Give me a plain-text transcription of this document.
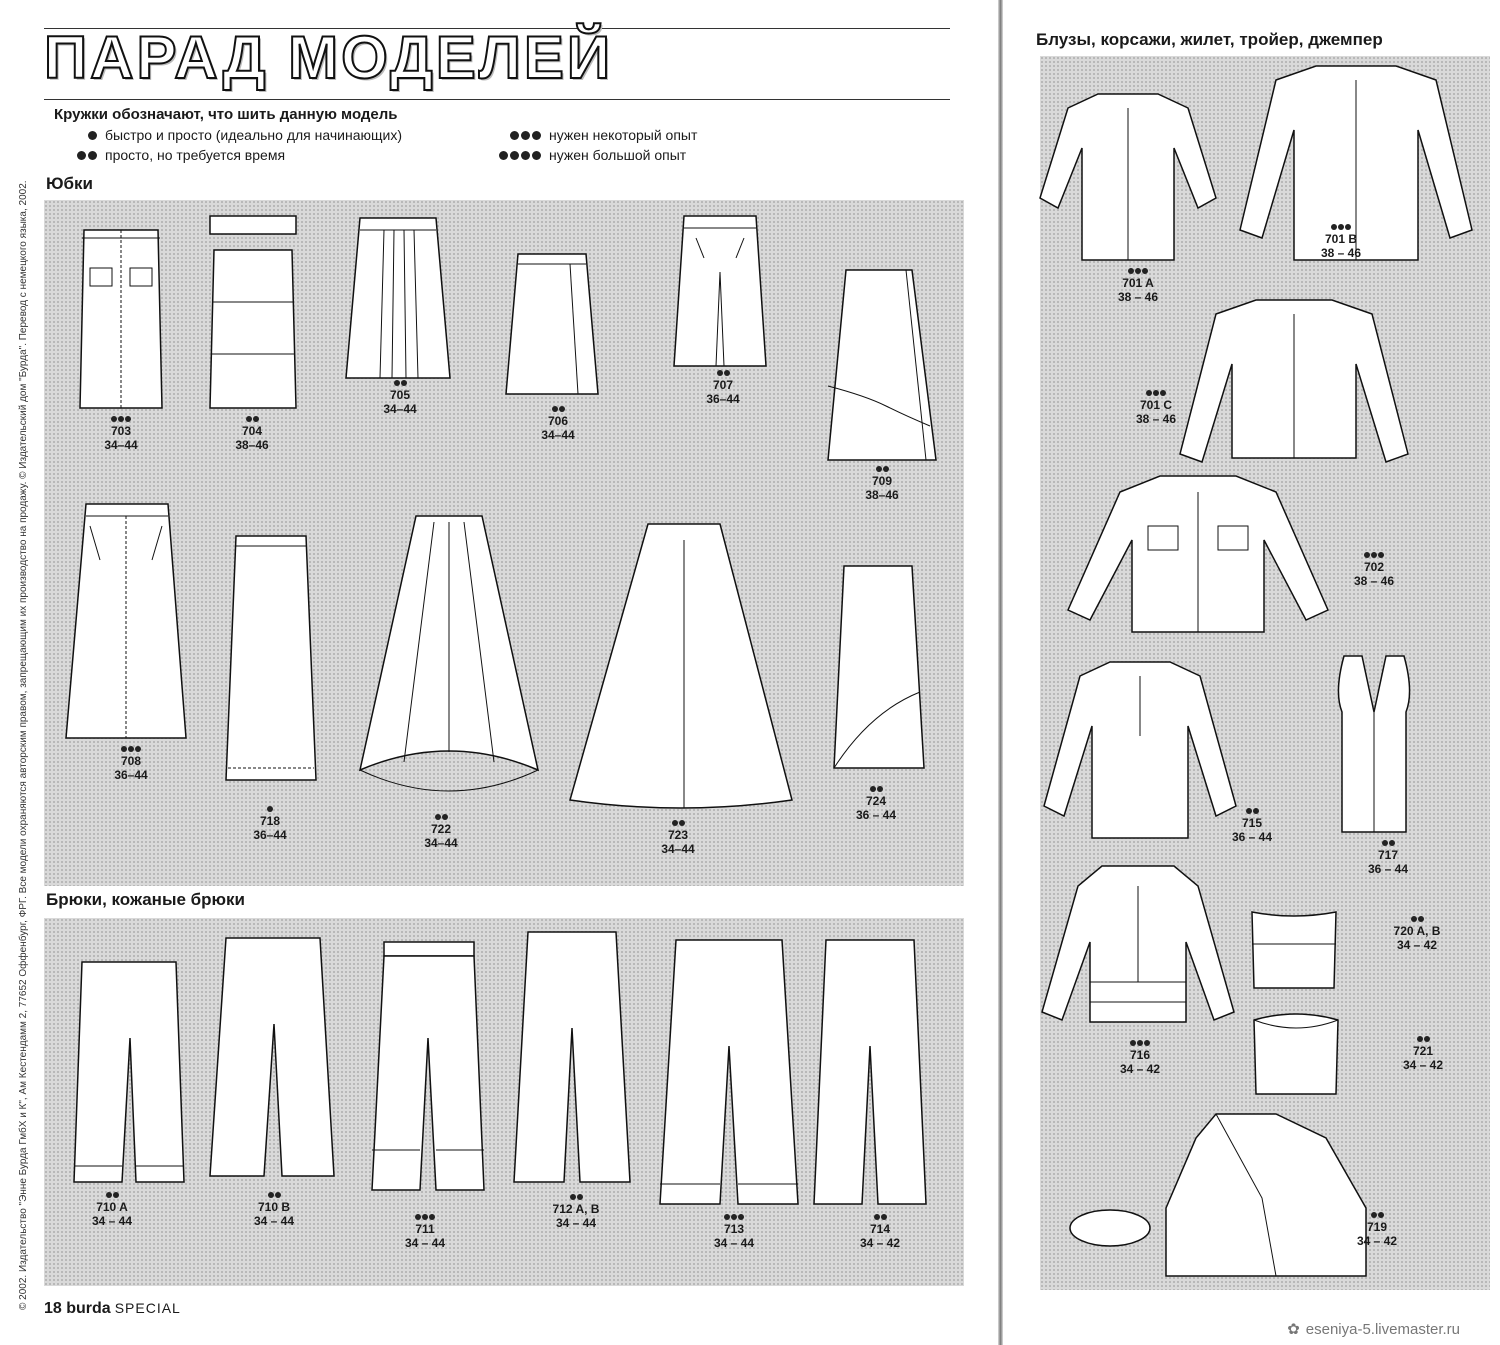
ПАРАД МОДЕЛЕЙ
Кружки обозначают, что шить данную модель
быстро и просто (идеально для начинающих)
просто, но требуется время
нужен некоторый опыт
нужен большой опыт
Юбки
Брюки, кожаные брюки
© 2002. Издательство "Энне Бурда ГмбХ и К", Ам Кестендамм 2, 77652 Оффенбург, ФРГ. Все модели охраняются авторским правом, запрещающим их производство на продажу. © Издательский дом "Бурда". Перевод с немецкого языка, 2002. 18 burda SPECIAL
Блузы, корсажи, жилет, тройер, джемпер
✿ eseniya-5.livemaster.ru
703
34–44
704
38–46
705
34–44
706
34–44
707
36–44
709
38–46
708
36–44
718
36–44	722
34–44
723
34–44
724
36 – 44
710 A
34 – 44
710 B
34 – 44
711
34 – 44
712 A, B
34 – 44	713
34 – 44
714
34 – 42
701 A
38 – 46
701 B
38 – 46
701 C
38 – 46
702
38 – 46
715
36 – 44
717
36 – 44
716
34 – 42
720 A, B
34 – 42
721
34 – 42
719
34 – 42
